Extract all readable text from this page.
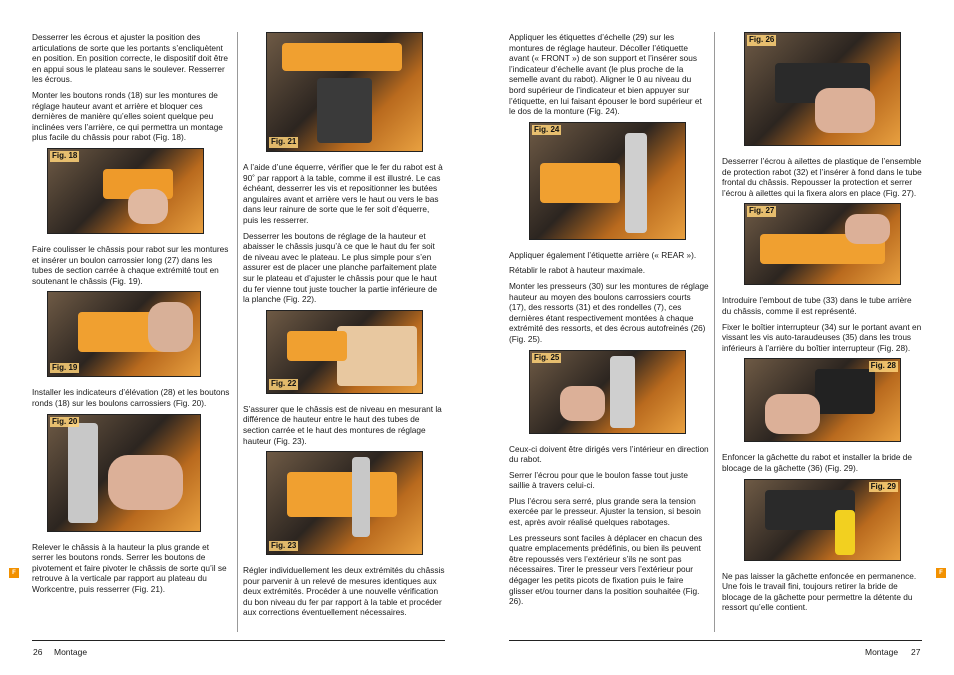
Desserrer les écrous et ajuster la position des articulations de sorte que les portants s’encliquètent en position. En position correcte, le dispositif doit être en appui sous le plateau sans le soulever. Resserrer les écrous.

Monter les boutons ronds (18) sur les montures de réglage hauteur avant et arrière et bloquer ces dernières de manière qu’elles soient quelque peu inclinées vers l’arrière, ce qui permettra un montage plus facile du châssis pour rabot (Fig. 18).

Fig. 18

Faire coulisser le châssis pour rabot sur les montures et insérer un boulon carrossier long (27) dans les tubes de section carrée à chaque extrémité tout en soutenant le châssis (Fig. 19).

Fig. 19

Installer les indicateurs d’élévation (28) et les boutons ronds (18) sur les boulons carrossiers (Fig. 20).

Fig. 20

Relever le châssis à la hauteur la plus grande et serrer les boutons ronds. Serrer les boutons de pivotement et faire pivoter le châssis de sorte qu’il se retrouve à la verticale par rapport au plateau du Workcentre, puis resserrer (Fig. 21).

Fig. 21

A l’aide d’une équerre, vérifier que le fer du rabot est à 90˚ par rapport à la table, comme il est illustré. Le cas échéant, desserrer les vis et repositionner les butées angulaires avant et arrière vers le haut ou vers le bas dans leur rainure de sorte que le fer soit d’équerre, puis les resserrer.

Desserrer les boutons de réglage de la hauteur et abaisser le châssis jusqu’à ce que le haut du fer soit de niveau avec le plateau. Le plus simple pour s’en assurer est de placer une planche parfaitement plate sur le plateau et d’ajuster le châssis pour que le haut du fer vienne tout juste toucher la partie inférieure de la planche (Fig. 22).

Fig. 22

S’assurer que le châssis est de niveau en mesurant la différence de hauteur entre le haut des tubes de section carrée et le haut des montures de réglage hauteur (Fig. 23).

Fig. 23

Régler individuellement les deux extrémités du châssis pour parvenir à un relevé de mesures identiques aux deux extrémités. Procéder à une nouvelle vérification du bon niveau du fer par rapport à la table et procéder aux corrections éventuellement nécessaires.

F
26 Montage

Appliquer les étiquettes d’échelle (29) sur les montures de réglage hauteur. Décoller l’étiquette avant (« FRONT ») de son support et l’insérer sous l’indicateur d’échelle avant (le plus proche de la semelle avant du rabot). Aligner le 0 au niveau du bord supérieur de l’indicateur et bien appuyer sur l’étiquette, en lui faisant épouser le bord supérieur et le dos de la monture (Fig. 24).

Fig. 24

Appliquer également l’étiquette arrière (« REAR »).

Rétablir le rabot à hauteur maximale.

Monter les presseurs (30) sur les montures de réglage hauteur au moyen des boulons carrossiers courts (17), des ressorts (31) et des rondelles (7), ces dernières étant respectivement montées à chaque extrémité des ressorts, et des écrous autofreinés (26) (Fig. 25).

Fig. 25

Ceux-ci doivent être dirigés vers l’intérieur en direction du rabot.

Serrer l’écrou pour que le boulon fasse tout juste saillie à travers celui-ci.

Plus l’écrou sera serré, plus grande sera la tension exercée par le presseur. Ajuster la tension, si besoin est, après avoir réalisé quelques rabotages.

Les presseurs sont faciles à déplacer en chacun des quatre emplacements prédéfinis, ou bien ils peuvent être repoussés vers l’extérieur s’ils ne sont pas nécessaires. Tirer le presseur vers l’extérieur pour dégager les petits picots de fixation puis le faire glisser et/ou tourner dans la position souhaitée (Fig. 26).

Fig. 26

Desserrer l’écrou à ailettes de plastique de l’ensemble de protection rabot (32) et l’insérer à fond dans le tube frontal du châssis. Repousser la protection et serrer l’écrou à ailettes qui la fixera alors en place (Fig. 27).

Fig. 27

Introduire l’embout de tube (33) dans le tube arrière du châssis, comme il est représenté.

Fixer le boîtier interrupteur (34) sur le portant avant en vissant les vis auto-taraudeuses (35) dans les trous inférieurs à l’arrière du boîtier interrupteur (Fig. 28).

Fig. 28

Enfoncer la gâchette du rabot et installer la bride de blocage de la gâchette (36) (Fig. 29).

Fig. 29

Ne pas laisser la gâchette enfoncée en permanence. Une fois le travail fini, toujours retirer la bride de blocage de la gâchette pour permettre la détente du ressort qu’elle contient.

F
Montage 27
